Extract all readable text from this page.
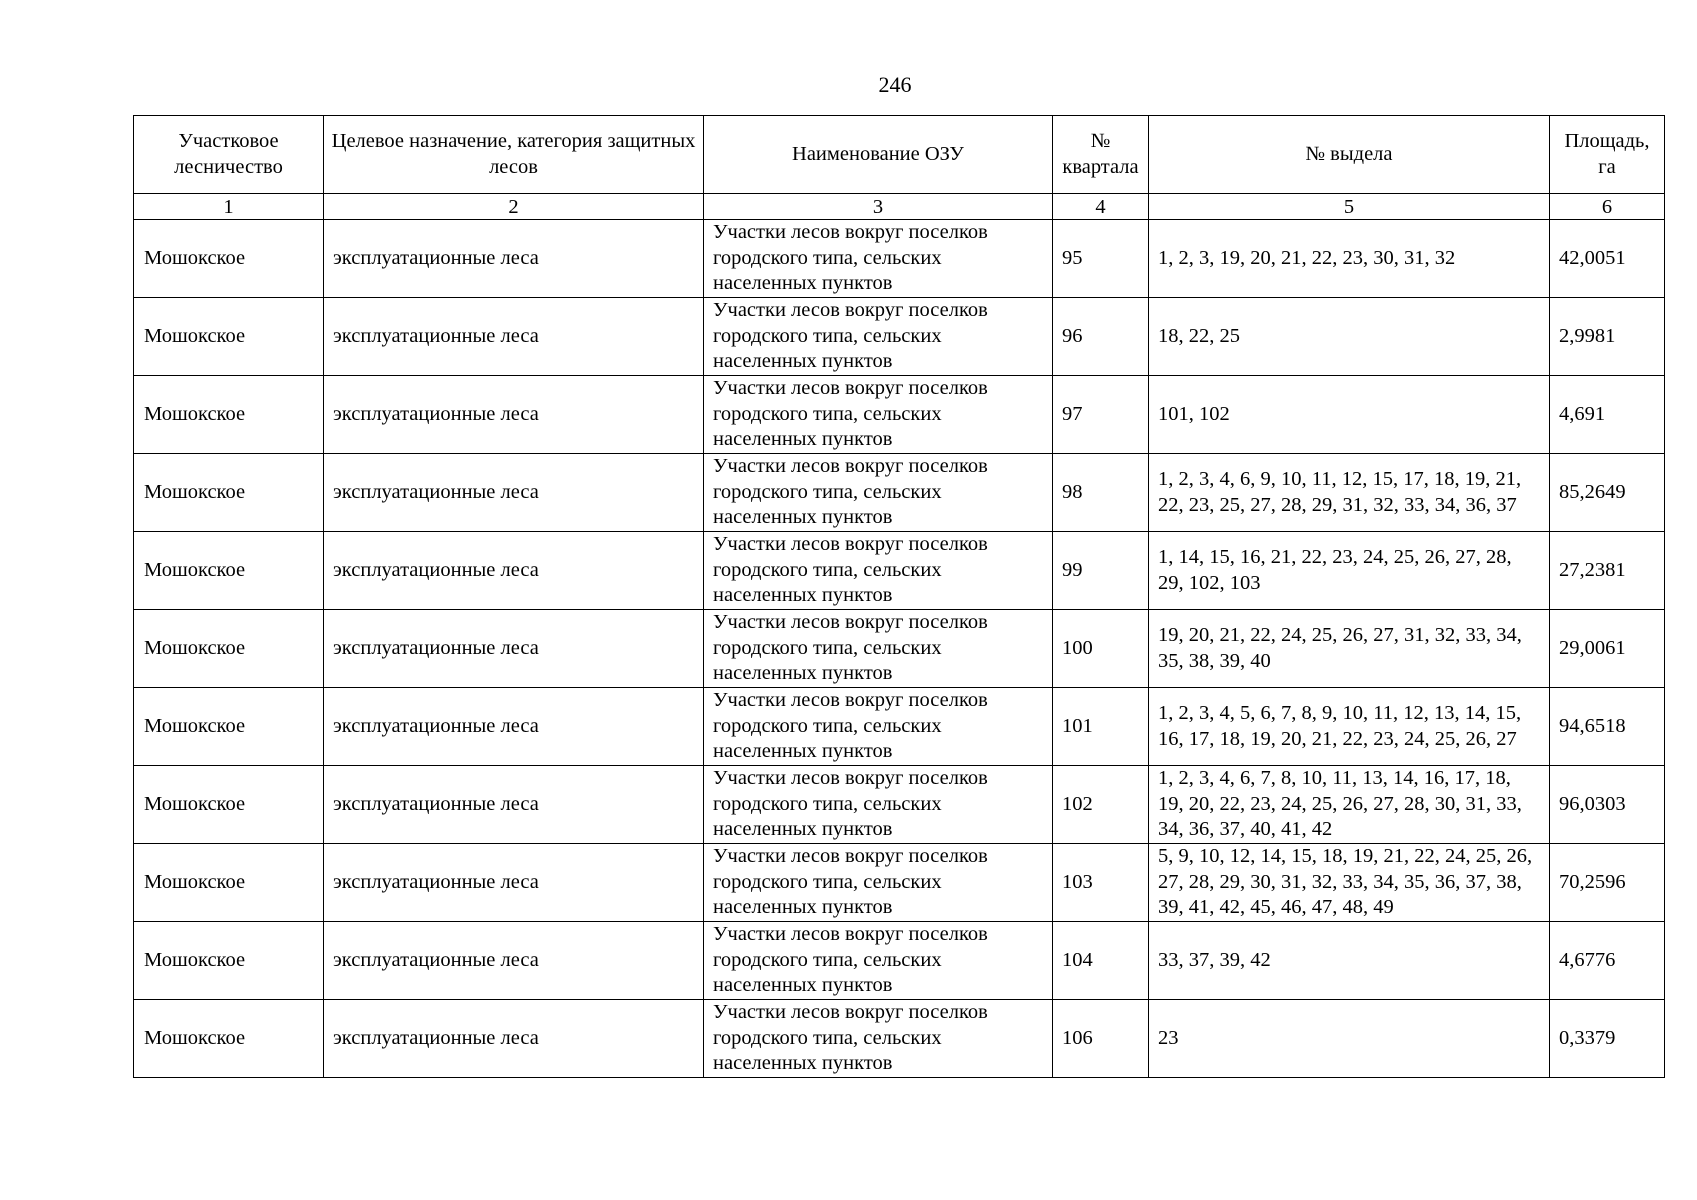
246
Участковое лесничество	Целевое назначение, категория защитных лесов	Наименование ОЗУ	№ квартала	№ выдела	Площадь, га
1	2	3	4	5	6
Мошокское	эксплуатационные леса	Участки лесов вокруг поселков городского типа, сельских населенных пунктов	95	1, 2, 3, 19, 20, 21, 22, 23, 30, 31, 32	42,0051
Мошокское	эксплуатационные леса	Участки лесов вокруг поселков городского типа, сельских населенных пунктов	96	18, 22, 25	2,9981
Мошокское	эксплуатационные леса	Участки лесов вокруг поселков городского типа, сельских населенных пунктов	97	101, 102	4,691
Мошокское	эксплуатационные леса	Участки лесов вокруг поселков городского типа, сельских населенных пунктов	98	1, 2, 3, 4, 6, 9, 10, 11, 12, 15, 17, 18, 19, 21, 22, 23, 25, 27, 28, 29, 31, 32, 33, 34, 36, 37	85,2649
Мошокское	эксплуатационные леса	Участки лесов вокруг поселков городского типа, сельских населенных пунктов	99	1, 14, 15, 16, 21, 22, 23, 24, 25, 26, 27, 28, 29, 102, 103	27,2381
Мошокское	эксплуатационные леса	Участки лесов вокруг поселков городского типа, сельских населенных пунктов	100	19, 20, 21, 22, 24, 25, 26, 27, 31, 32, 33, 34, 35, 38, 39, 40	29,0061
Мошокское	эксплуатационные леса	Участки лесов вокруг поселков городского типа, сельских населенных пунктов	101	1, 2, 3, 4, 5, 6, 7, 8, 9, 10, 11, 12, 13, 14, 15, 16, 17, 18, 19, 20, 21, 22, 23, 24, 25, 26, 27	94,6518
Мошокское	эксплуатационные леса	Участки лесов вокруг поселков городского типа, сельских населенных пунктов	102	1, 2, 3, 4, 6, 7, 8, 10, 11, 13, 14, 16, 17, 18, 19, 20, 22, 23, 24, 25, 26, 27, 28, 30, 31, 33, 34, 36, 37, 40, 41, 42	96,0303
Мошокское	эксплуатационные леса	Участки лесов вокруг поселков городского типа, сельских населенных пунктов	103	5, 9, 10, 12, 14, 15, 18, 19, 21, 22, 24, 25, 26, 27, 28, 29, 30, 31, 32, 33, 34, 35, 36, 37, 38, 39, 41, 42, 45, 46, 47, 48, 49	70,2596
Мошокское	эксплуатационные леса	Участки лесов вокруг поселков городского типа, сельских населенных пунктов	104	33, 37, 39, 42	4,6776
Мошокское	эксплуатационные леса	Участки лесов вокруг поселков городского типа, сельских населенных пунктов	106	23	0,3379
